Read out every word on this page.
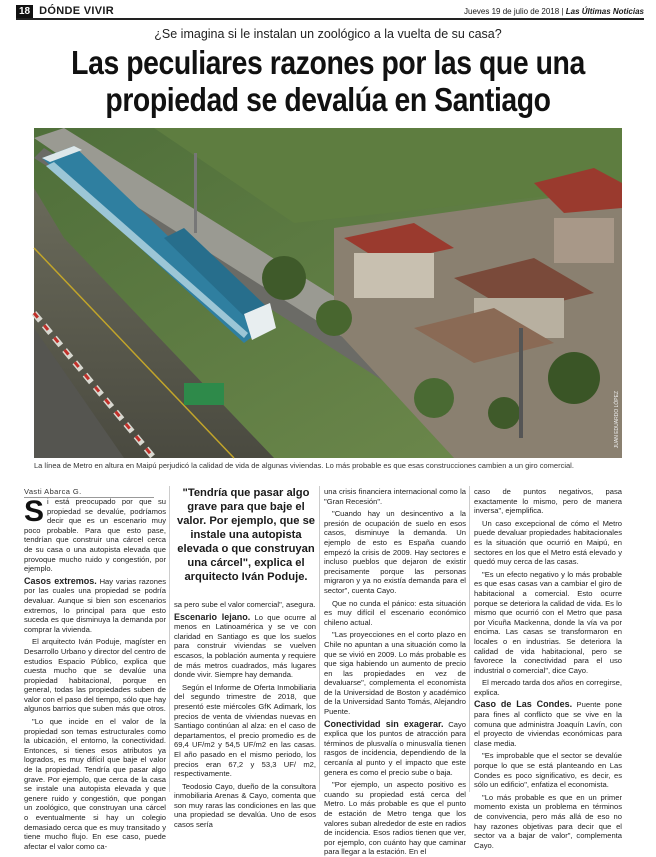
18 DÓNDE VIVIR	Jueves 19 de julio de 2018 | Las Últimas Noticias
¿Se imagina si le instalan un zoológico a la vuelta de su casa?
Las peculiares razones por las que una propiedad se devalúa en Santiago
JUAN EDUARDO LÓPEZ
La línea de Metro en altura en Maipú perjudicó la calidad de vida de algunas viviendas. Lo más probable es que esas construcciones cambien a un giro comercial.
Vasti Abarca G.

Si está preocupado por que su propiedad se devalúe, podríamos decir que es un escenario muy poco probable. Para que esto pase, tendrían que construir una cárcel cerca de su casa o una autopista elevada que provoque mucho ruido y congestión, por ejemplo.

Casos extremos. Hay varias razones por las cuales una propiedad se podría devaluar. Aunque si bien son escenarios extremos, lo principal para que esto suceda es que disminuya la demanda por comprar la vivienda.

El arquitecto Iván Poduje, magíster en Desarrollo Urbano y director del centro de estudios Espacio Público, explica que cuesta mucho que se devalúe una propiedad habitacional, porque en general, todas las propiedades suben de valor con el paso del tiempo, sólo que hay algunos barrios que suben más que otros.

"Lo que incide en el valor de la propiedad son temas estructurales como la ubicación, el entorno, la conectividad. Entonces, si tienes esos atributos ya logrados, es muy difícil que baje el valor de la propiedad. Tendría que pasar algo grave. Por ejemplo, que cerca de la casa se instale una autopista elevada y que genere ruido y congestión, que pongan un zoológico, que construyan una cárcel o eventualmente si hay un colegio demasiado cerca que es muy transitado y tiene mucho flujo. En ese caso, puede afectar el valor como ca-

"Tendría que pasar algo grave para que baje el valor. Por ejemplo, que se instale una autopista elevada o que construyan una cárcel", explica el arquitecto Iván Poduje.

sa pero sube el valor comercial", asegura.

Escenario lejano. Lo que ocurre al menos en Latinoamérica y se ve con claridad en Santiago es que los suelos para construir viviendas se vuelven escasos, la población aumenta y requiere de más metros cuadrados, más lugares donde vivir. Siempre hay demanda.

Según el Informe de Oferta Inmobiliaria del segundo trimestre de 2018, que presentó este miércoles GfK Adimark, los precios de venta de viviendas nuevas en Santiago continúan al alza: en el caso de departamentos, el precio promedio es de 69,4 UF/m2 y 54,5 UF/m2 en las casas. El año pasado en el mismo periodo, los precios eran 67,2 y 53,3 UF/ m2, respectivamente.

Teodosio Cayo, dueño de la consultora inmobiliaria Arenas & Cayo, comenta que son muy raras las condiciones en las que una propiedad se devalúa. Uno de esos casos sería

una crisis financiera internacional como la "Gran Recesión".

"Cuando hay un desincentivo a la presión de ocupación de suelo en esos casos, disminuye la demanda. Un ejemplo de esto es España cuando empezó la crisis de 2009. Hay sectores e incluso pueblos que dejaron de existir precisamente porque las personas migraron y ya no existía demanda para el sector", cuenta Cayo.

Que no cunda el pánico: esta situación es muy difícil el escenario económico chileno actual.

"Las proyecciones en el corto plazo en Chile no apuntan a una situación como la que se vivió en 2009. Lo más probable es que siga habiendo un aumento de precio en las propiedades en vez de devaluarse", complementa el economista de la Universidad de Boston y académico de la Universidad Santo Tomás, Alejandro Puente.

Conectividad sin exagerar. Cayo explica que los puntos de atracción para términos de plusvalía o minusvalía tienen rasgos de incidencia, dependiendo de la cercanía al punto y el impacto que este genera es como el precio sube o baja.

"Por ejemplo, un aspecto positivo es cuando su propiedad está cerca del Metro. Lo más probable es que el punto de estación de Metro tenga que los valores suban alrededor de este en radios de incidencia. Esos radios tienen que ver, por ejemplo, con cuánto hay que caminar para llegar a la estación. En el

caso de puntos negativos, pasa exactamente lo mismo, pero de manera inversa", ejemplifica.

Un caso excepcional de cómo el Metro puede devaluar propiedades habitacionales es la situación que ocurrió en Maipú, en sectores en los que el Metro está elevado y quedó muy cerca de las casas.

"Es un efecto negativo y lo más probable es que esas casas van a cambiar el giro de habitacional a comercial. Esto ocurre porque se deteriora la calidad de vida. Es lo mismo que ocurrió con el Metro que pasa por Vicuña Mackenna, donde la vía va por encima. Las casas se transformaron en locales o en industrias. Se deteriora la calidad de vida habitacional, pero se favorece la conectividad para el uso industrial o comercial", dice Cayo.

El mercado tarda dos años en corregirse, explica.

Caso de Las Condes. Puente pone para fines al conflicto que se vive en la comuna que administra Joaquín Lavín, con el proyecto de viviendas económicas para clase media.

"Es improbable que el sector se devalúe porque lo que se está planteando en Las Condes es poco significativo, es decir, es sólo un edificio", enfatiza el economista.

"Lo más probable es que en un primer momento exista un problema en términos de convivencia, pero más allá de eso no hay razones objetivas para decir que el sector va a bajar de valor", complementa Cayo.
